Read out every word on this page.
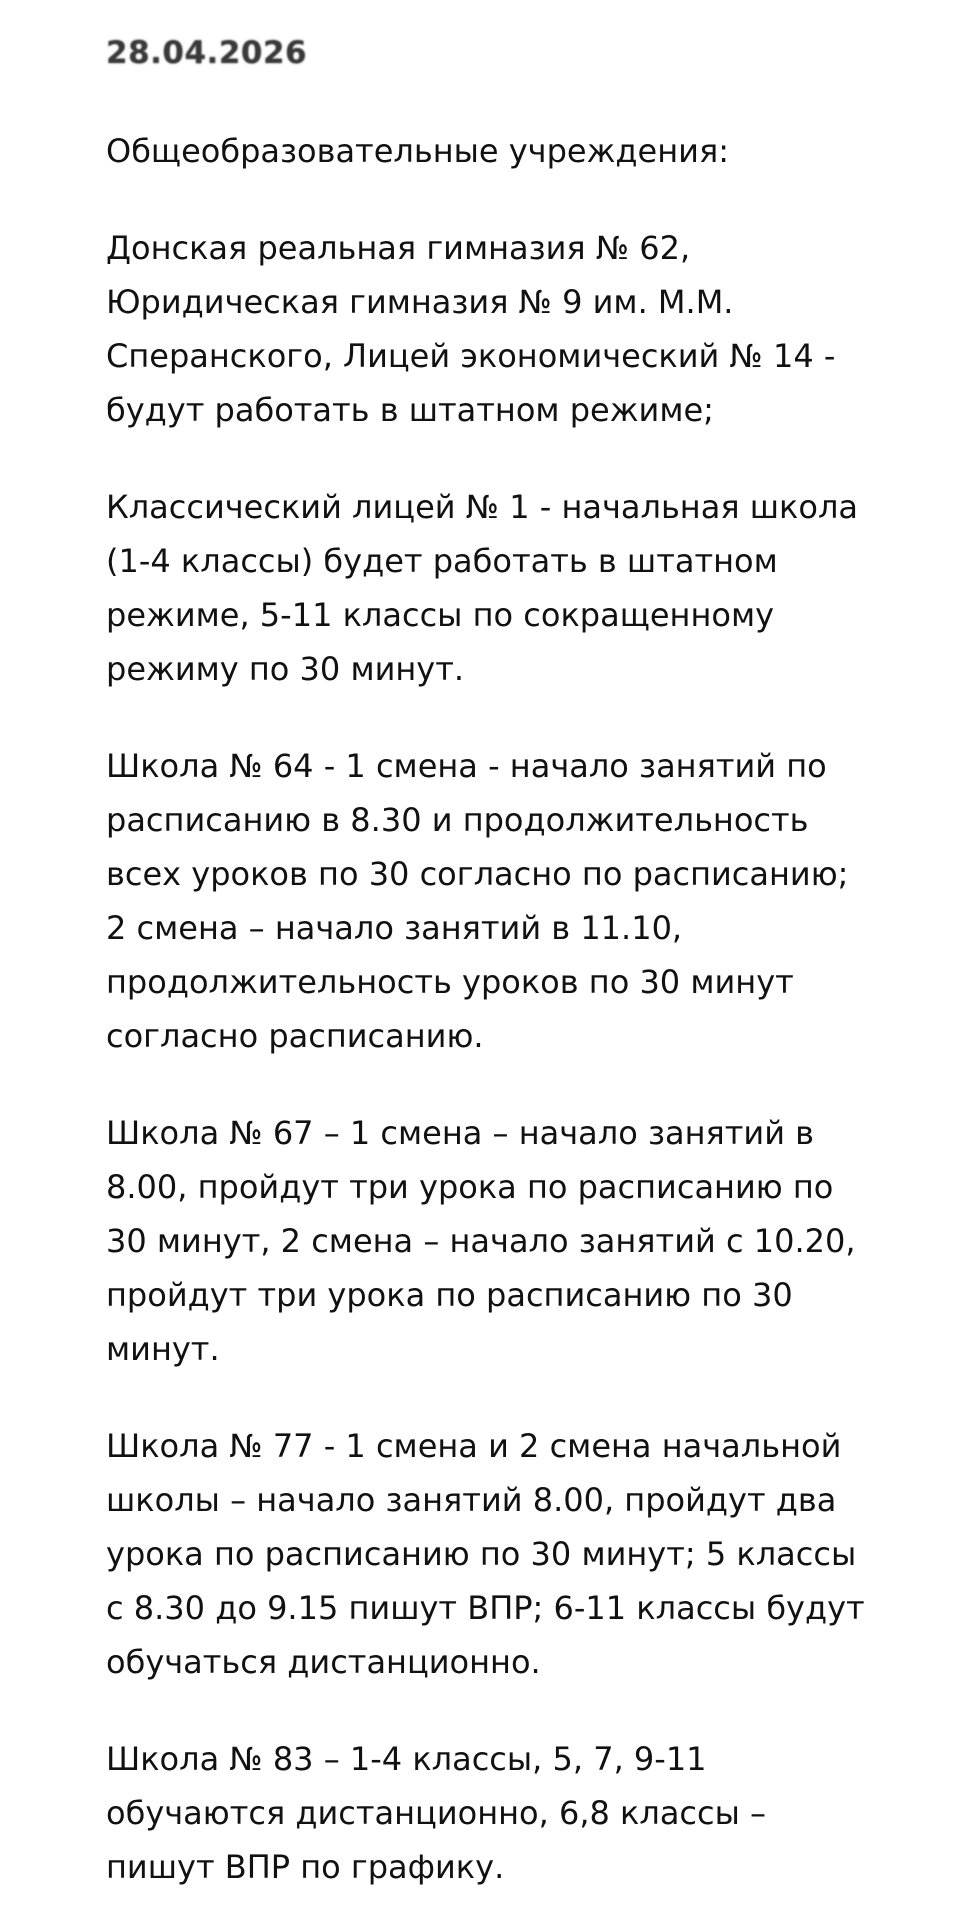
28.04.2026
Общеобразовательные учреждения:
Донская реальная гимназия № 62,
Юридическая гимназия № 9 им. М.М.
Сперанского, Лицей экономический № 14 -
будут работать в штатном режиме;
Классический лицей № 1 - начальная школа
(1-4 классы) будет работать в штатном
режиме, 5-11 классы по сокращенному
режиму по 30 минут.
Школа № 64 - 1 смена - начало занятий по
расписанию в 8.30 и продолжительность
всех уроков по 30 согласно по расписанию;
2 смена – начало занятий в 11.10,
продолжительность уроков по 30 минут
согласно расписанию.
Школа № 67 – 1 смена – начало занятий в
8.00, пройдут три урока по расписанию по
30 минут, 2 смена – начало занятий с 10.20,
пройдут три урока по расписанию по 30
минут.
Школа № 77 - 1 смена и 2 смена начальной
школы – начало занятий 8.00, пройдут два
урока по расписанию по 30 минут; 5 классы
с 8.30 до 9.15 пишут ВПР; 6-11 классы будут
обучаться дистанционно.
Школа № 83 – 1-4 классы, 5, 7, 9-11
обучаются дистанционно, 6,8 классы –
пишут ВПР по графику.
